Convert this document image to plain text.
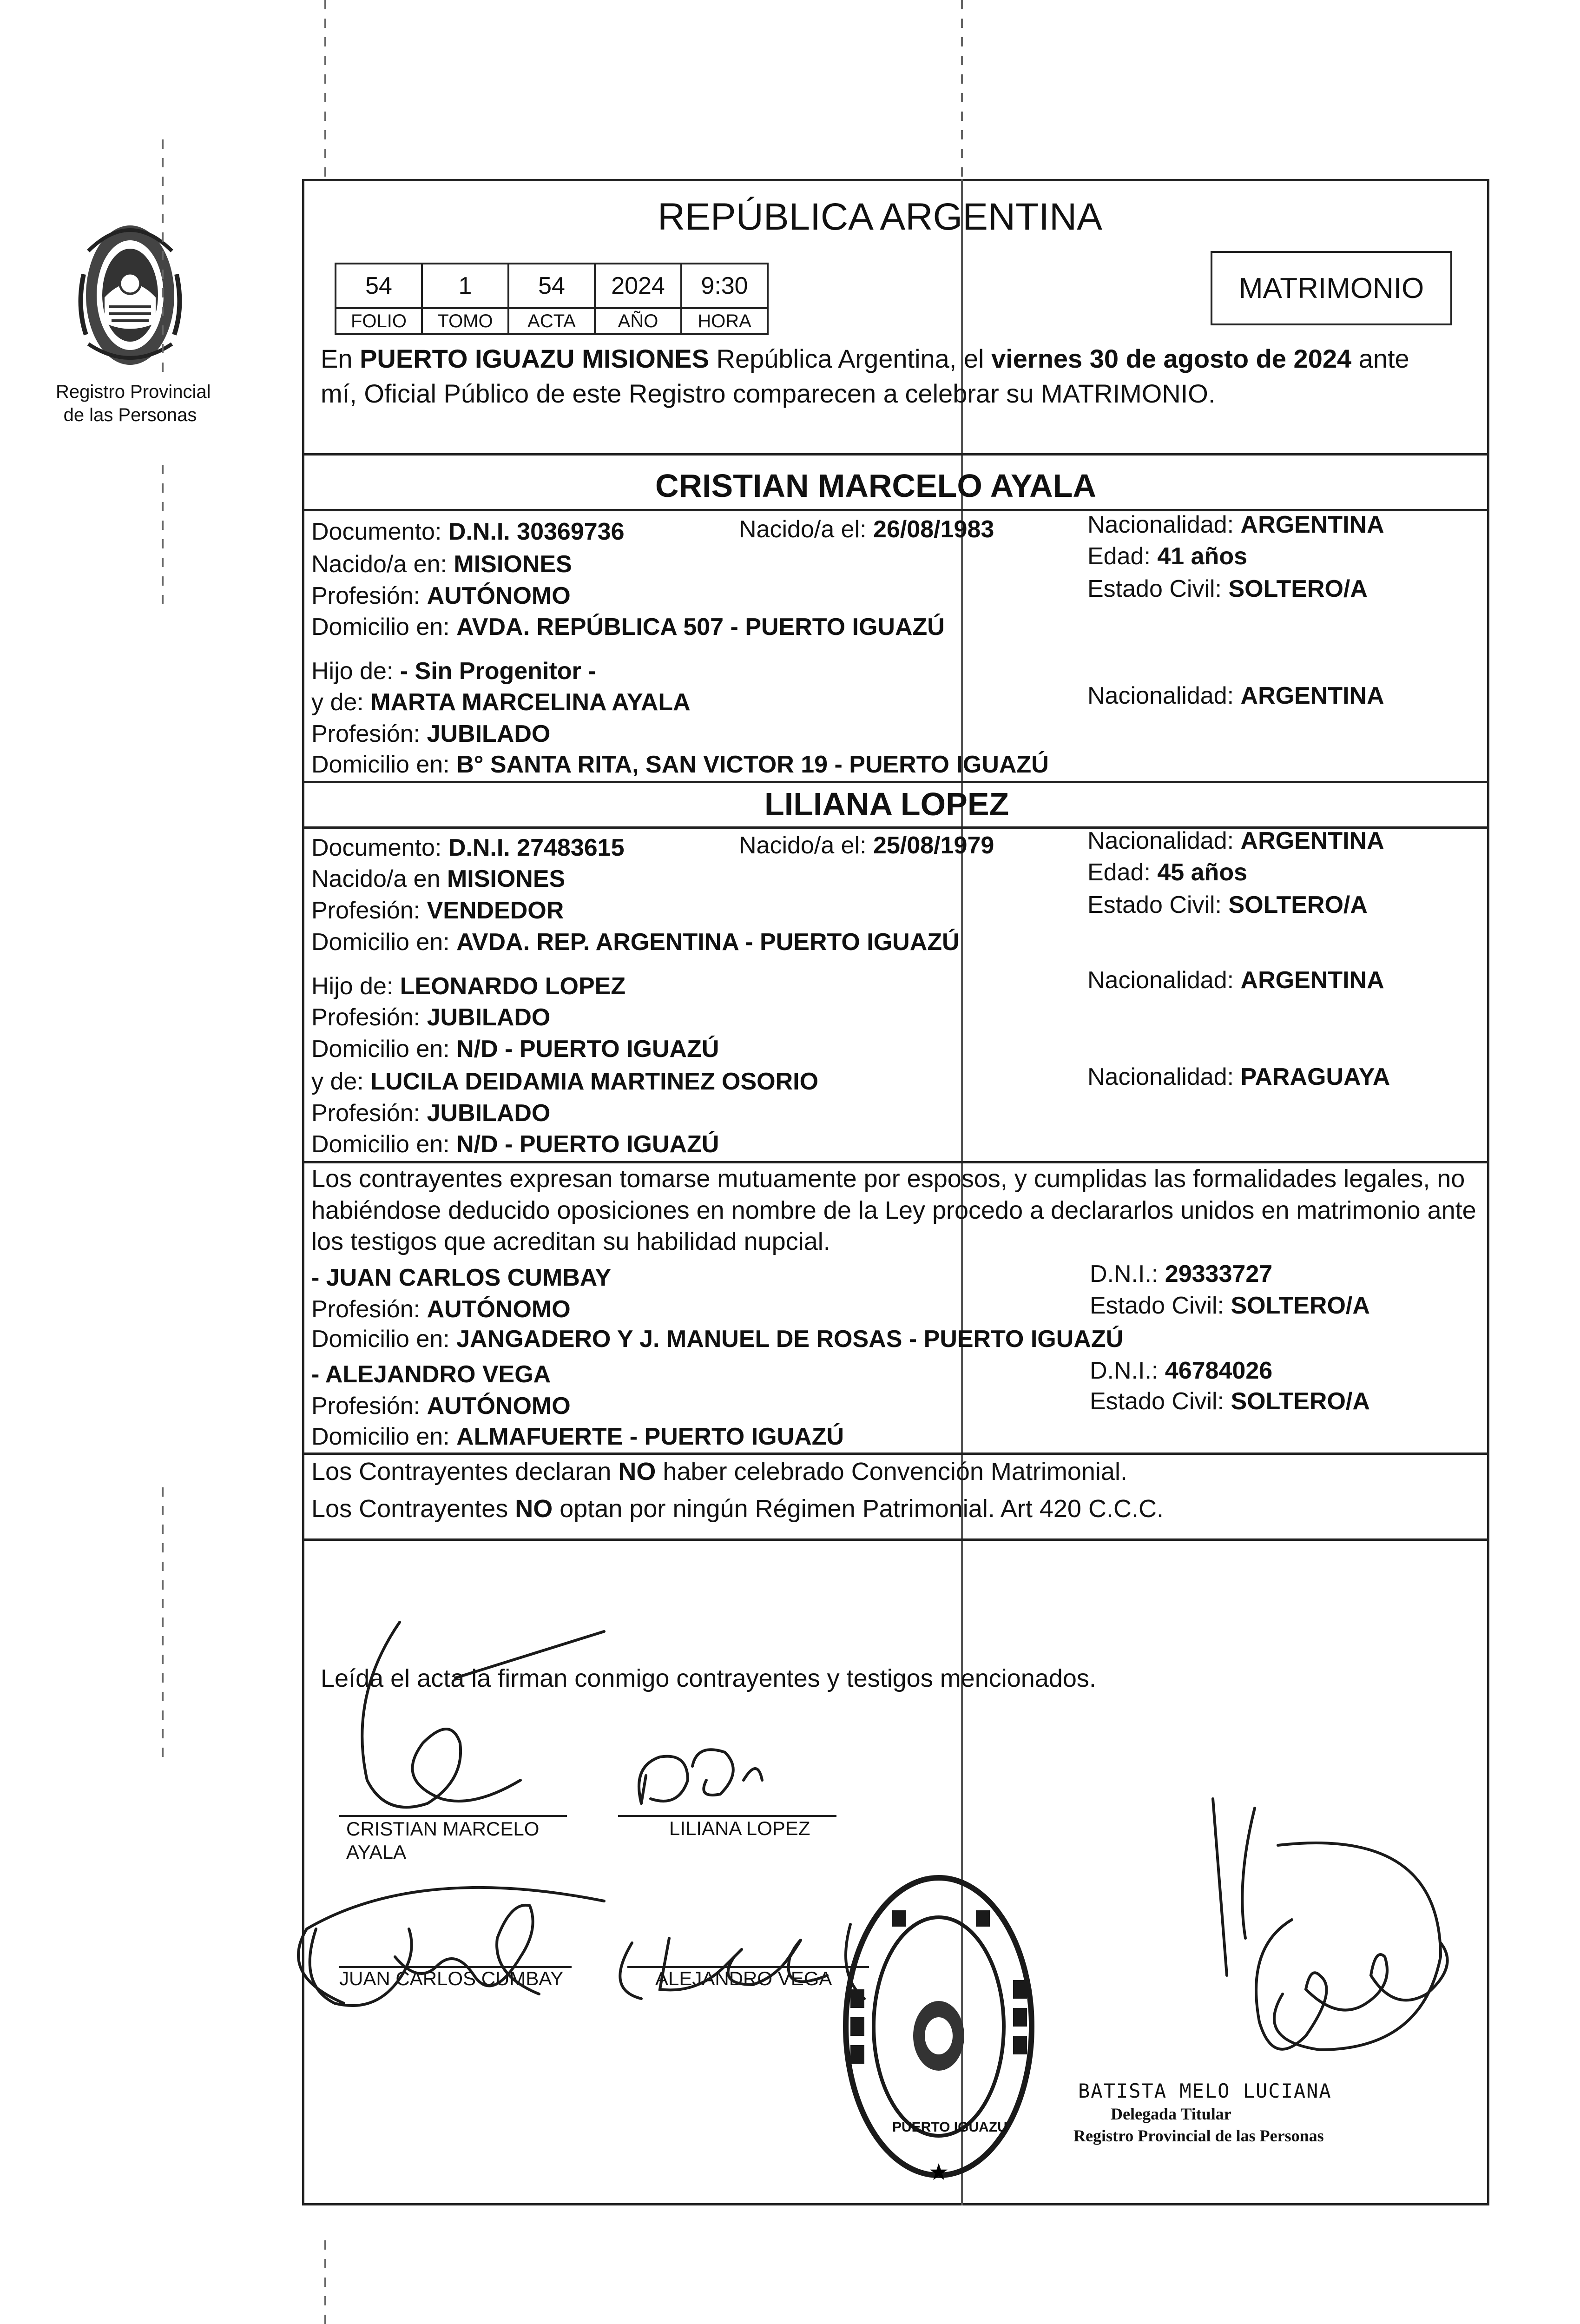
Registro Provincial
de las Personas
REPÚBLICA ARGENTINA
MATRIMONIO
54	1	54	2024	9:30
FOLIO	TOMO	ACTA	AÑO	HORA
En PUERTO IGUAZU MISIONES República Argentina, el viernes 30 de agosto de 2024 ante
mí, Oficial Público de este Registro comparecen a celebrar su MATRIMONIO.
CRISTIAN MARCELO AYALA
Documento: D.N.I. 30369736	Nacido/a el: 26/08/1983	Nacionalidad: ARGENTINA
Nacido/a en: MISIONES	Edad: 41 años
Profesión: AUTÓNOMO	Estado Civil: SOLTERO/A
Domicilio en: AVDA. REPÚBLICA 507 - PUERTO IGUAZÚ
Hijo de: - Sin Progenitor -
y de: MARTA MARCELINA AYALA	Nacionalidad: ARGENTINA
Profesión: JUBILADO
Domicilio en: B° SANTA RITA, SAN VICTOR 19 - PUERTO IGUAZÚ
LILIANA LOPEZ
Documento: D.N.I. 27483615	Nacido/a el: 25/08/1979	Nacionalidad: ARGENTINA
Nacido/a en MISIONES	Edad: 45 años
Profesión: VENDEDOR	Estado Civil: SOLTERO/A
Domicilio en: AVDA. REP. ARGENTINA - PUERTO IGUAZÚ
Hijo de: LEONARDO LOPEZ	Nacionalidad: ARGENTINA
Profesión: JUBILADO
Domicilio en: N/D - PUERTO IGUAZÚ
y de: LUCILA DEIDAMIA MARTINEZ OSORIO	Nacionalidad: PARAGUAYA
Profesión: JUBILADO
Domicilio en: N/D - PUERTO IGUAZÚ
Los contrayentes expresan tomarse mutuamente por esposos, y cumplidas las formalidades legales, no
habiéndose deducido oposiciones en nombre de la Ley procedo a declararlos unidos en matrimonio ante
los testigos que acreditan su habilidad nupcial.
- JUAN CARLOS CUMBAY	D.N.I.: 29333727
Profesión: AUTÓNOMO	Estado Civil: SOLTERO/A
Domicilio en: JANGADERO Y J. MANUEL DE ROSAS - PUERTO IGUAZÚ
- ALEJANDRO VEGA	D.N.I.: 46784026
Profesión: AUTÓNOMO	Estado Civil: SOLTERO/A
Domicilio en: ALMAFUERTE - PUERTO IGUAZÚ
Los Contrayentes declaran NO haber celebrado Convención Matrimonial.
Los Contrayentes NO optan por ningún Régimen Patrimonial. Art 420 C.C.C.
Leída el acta la firman conmigo contrayentes y testigos mencionados.
CRISTIAN MARCELO AYALA
LILIANA LOPEZ
JUAN CARLOS CUMBAY	ALEJANDRO VEGA
★
PUERTO IGUAZU
BATISTA MELO LUCIANA
Delegada Titular
Registro Provincial de las Personas
